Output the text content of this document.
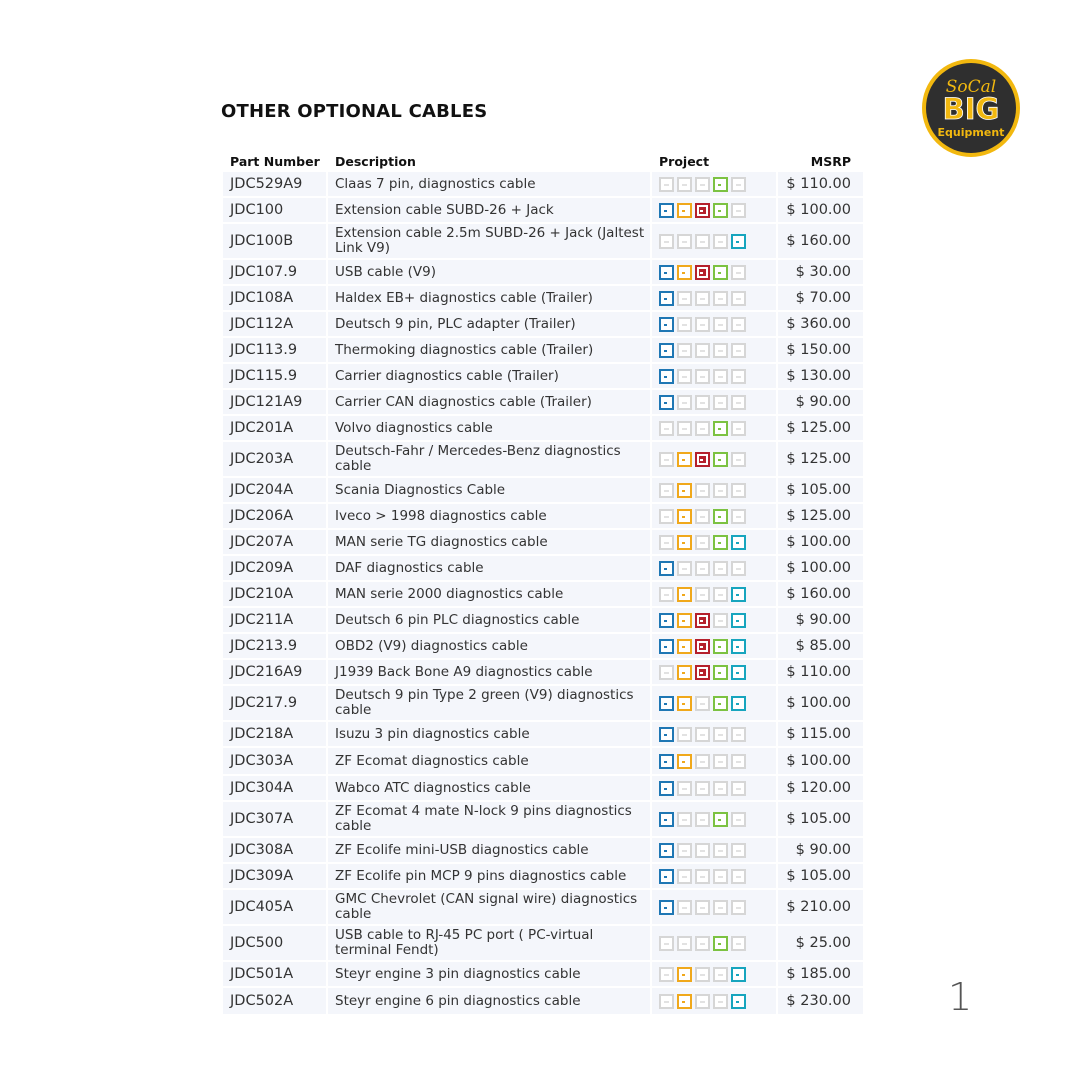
OTHER OPTIONAL CABLES
SoCal
BIG
Equipment
Part Number	Description	Project	MSRP
JDC529A9	Claas 7 pin, diagnostics cable	$ 110.00
JDC100	Extension cable SUBD-26 + Jack	$ 100.00
JDC100B	Extension cable 2.5m SUBD-26 + Jack (Jaltest Link V9)	$ 160.00
JDC107.9	USB cable (V9)	$ 30.00
JDC108A	Haldex EB+ diagnostics cable (Trailer)	$ 70.00
JDC112A	Deutsch 9 pin, PLC adapter (Trailer)	$ 360.00
JDC113.9	Thermoking diagnostics cable (Trailer)	$ 150.00
JDC115.9	Carrier diagnostics cable (Trailer)	$ 130.00
JDC121A9	Carrier CAN diagnostics cable (Trailer)	$ 90.00
JDC201A	Volvo diagnostics cable	$ 125.00
JDC203A	Deutsch-Fahr / Mercedes-Benz diagnostics cable	$ 125.00
JDC204A	Scania Diagnostics Cable	$ 105.00
JDC206A	Iveco > 1998 diagnostics cable	$ 125.00
JDC207A	MAN serie TG diagnostics cable	$ 100.00
JDC209A	DAF diagnostics cable	$ 100.00
JDC210A	MAN serie 2000 diagnostics cable	$ 160.00
JDC211A	Deutsch 6 pin PLC diagnostics cable	$ 90.00
JDC213.9	OBD2 (V9) diagnostics cable	$ 85.00
JDC216A9	J1939 Back Bone A9 diagnostics cable	$ 110.00
JDC217.9	Deutsch 9 pin Type 2 green (V9) diagnostics cable	$ 100.00
JDC218A	Isuzu 3 pin diagnostics cable	$ 115.00
JDC303A	ZF Ecomat diagnostics cable	$ 100.00
JDC304A	Wabco ATC diagnostics cable	$ 120.00
JDC307A	ZF Ecomat 4 mate N-lock 9 pins diagnostics cable	$ 105.00
JDC308A	ZF Ecolife mini-USB diagnostics cable	$ 90.00
JDC309A	ZF Ecolife pin MCP 9 pins diagnostics cable	$ 105.00
JDC405A	GMC Chevrolet (CAN signal wire) diagnostics cable	$ 210.00
JDC500	USB cable to RJ-45 PC port ( PC-virtual terminal Fendt)	$ 25.00
JDC501A	Steyr engine 3 pin diagnostics cable	$ 185.00
JDC502A	Steyr engine 6 pin diagnostics cable	$ 230.00	1
